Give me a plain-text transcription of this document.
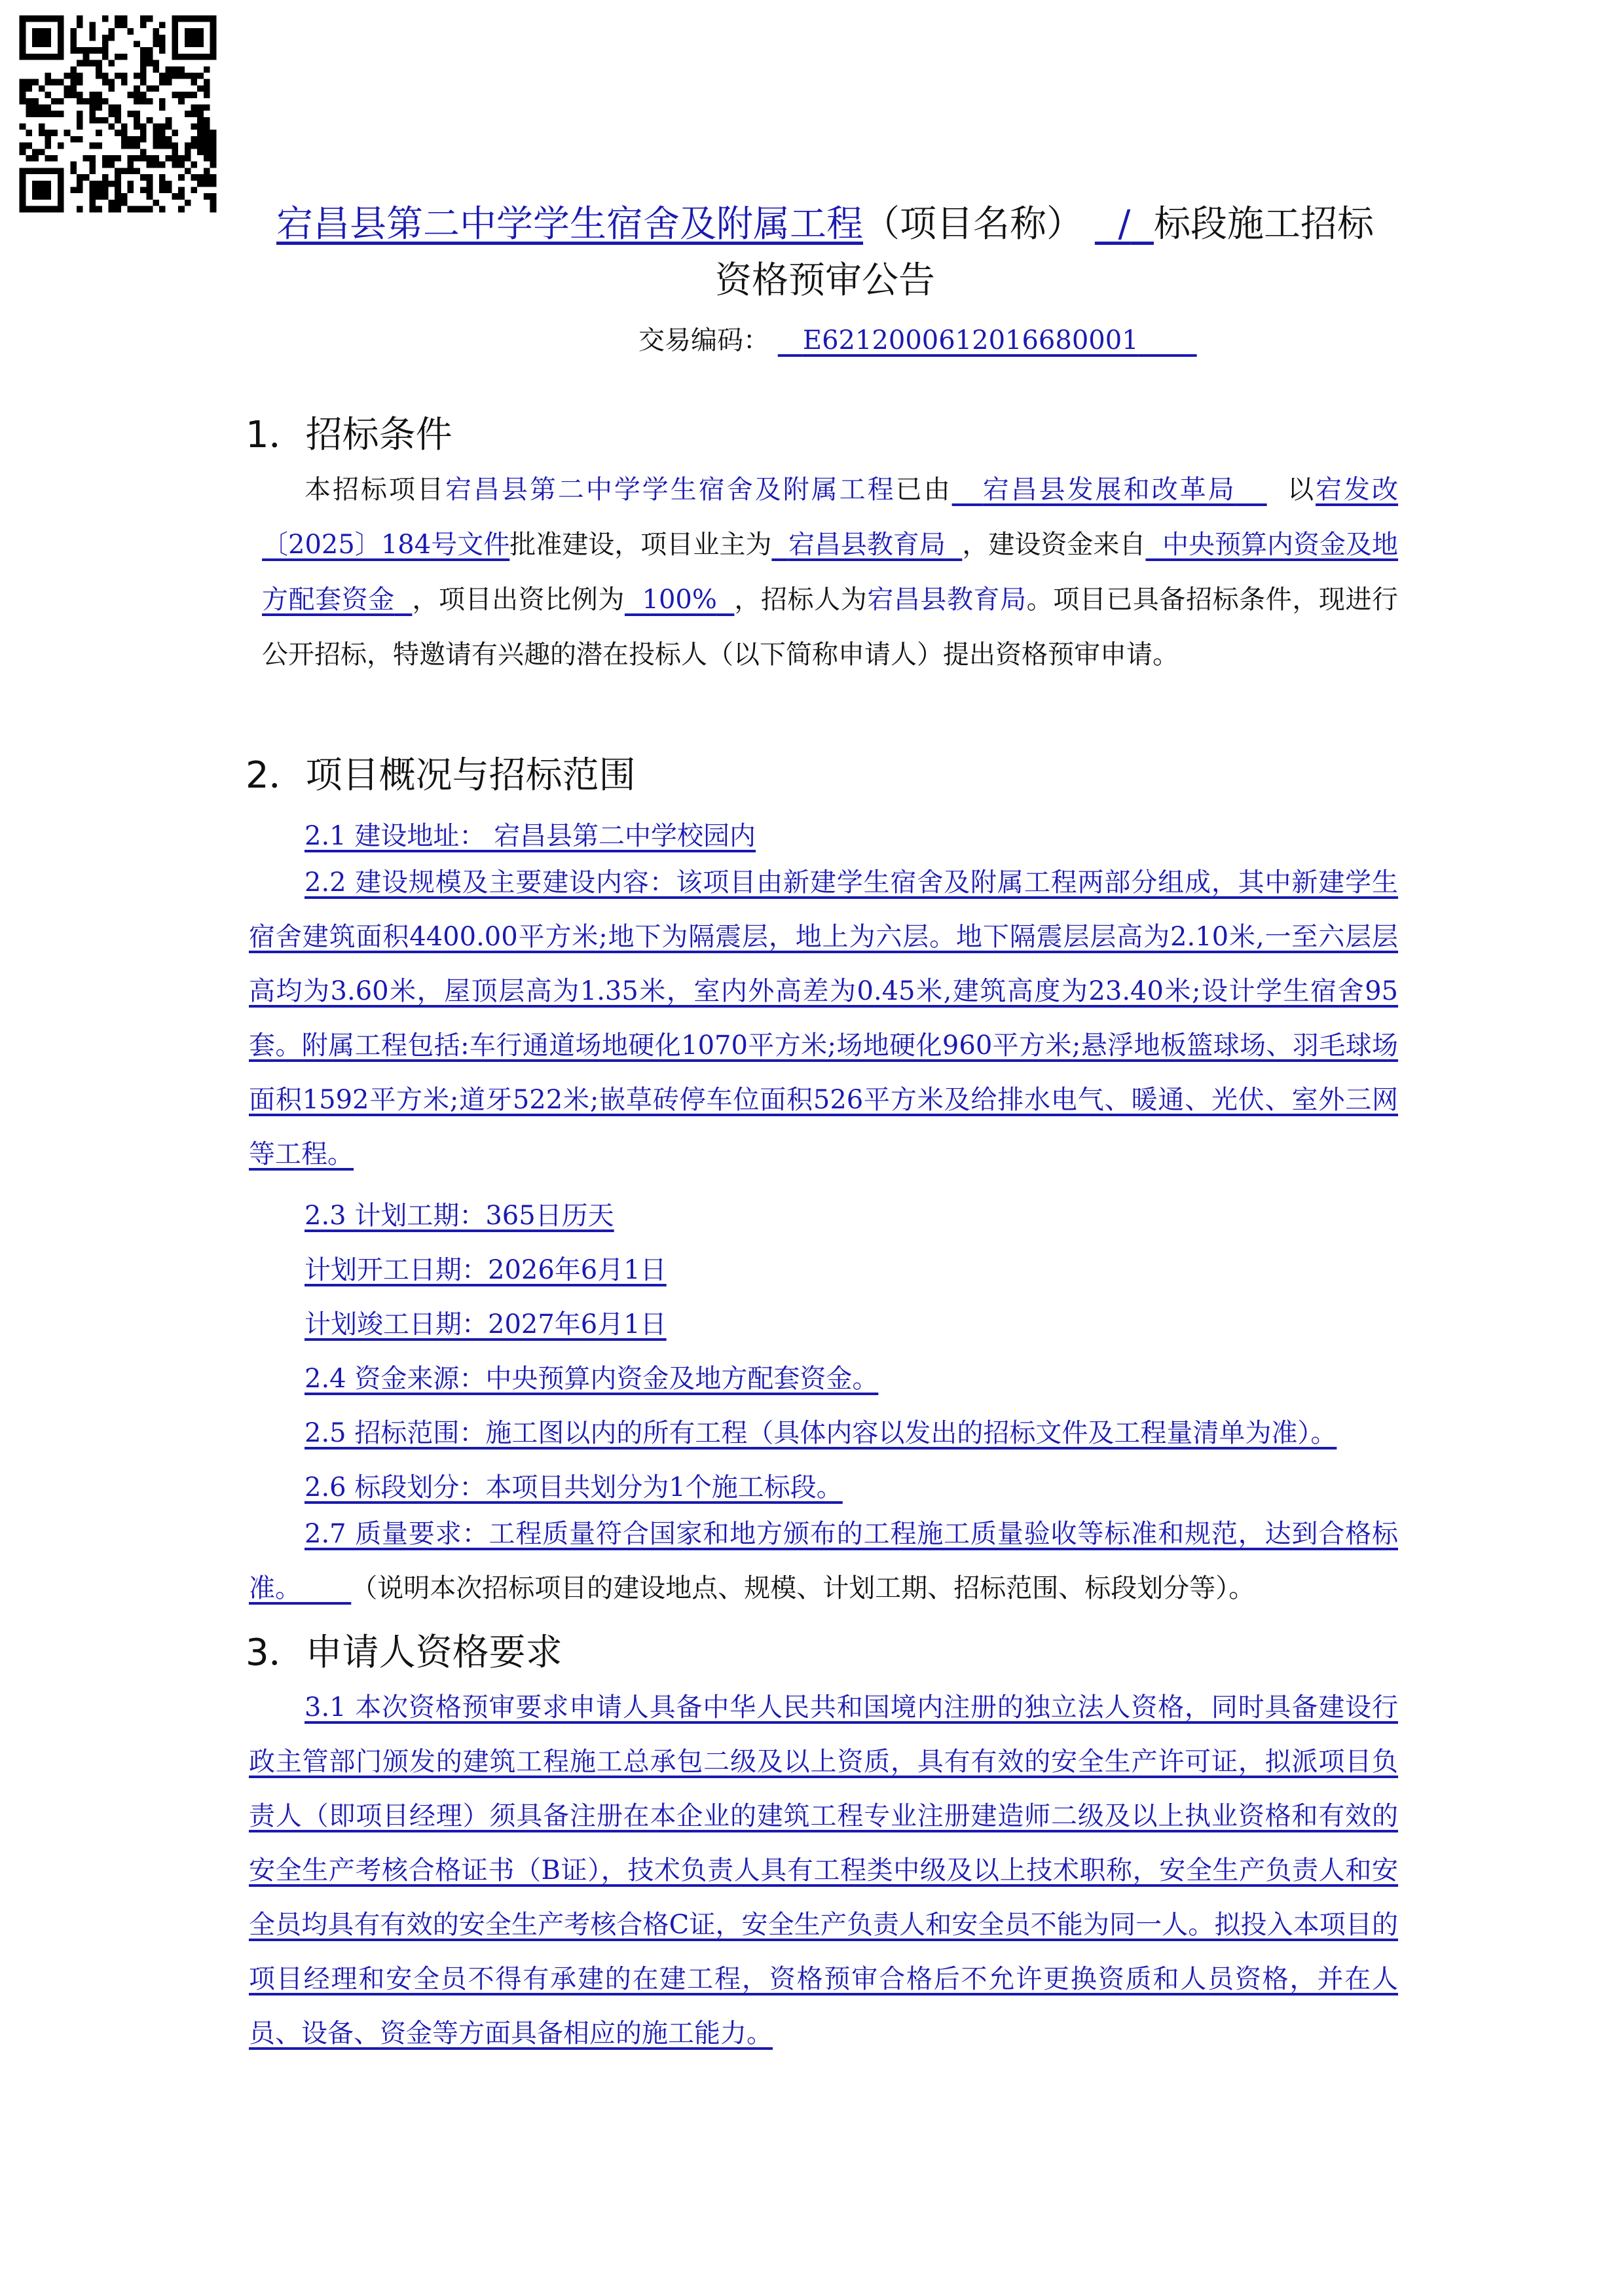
宕昌县第二中学学生宿舍及附属工程（项目名称） / 标段施工招标
资格预审公告
交易编码： E6212000612016680001
1．招标条件
本招标项目宕昌县第二中学学生宿舍及附属工程已由 宕昌县发展和改革局 以宕发改〔2025〕184号文件批准建设，项目业主为 宕昌县教育局 ，建设资金来自 中央预算内资金及地方配套资金 ，项目出资比例为 100% ，招标人为宕昌县教育局。项目已具备招标条件，现进行公开招标，特邀请有兴趣的潜在投标人（以下简称申请人）提出资格预审申请。
2．项目概况与招标范围
2.1 建设地址： 宕昌县第二中学校园内
2.2 建设规模及主要建设内容：该项目由新建学生宿舍及附属工程两部分组成，其中新建学生宿舍建筑面积4400.00平方米;地下为隔震层，地上为六层。地下隔震层层高为2.10米,一至六层层高均为3.60米，屋顶层高为1.35米，室内外高差为0.45米,建筑高度为23.40米;设计学生宿舍95套。附属工程包括:车行通道场地硬化1070平方米;场地硬化960平方米;悬浮地板篮球场、羽毛球场面积1592平方米;道牙522米;嵌草砖停车位面积526平方米及给排水电气、暖通、光伏、室外三网等工程。
2.3 计划工期：365日历天
计划开工日期：2026年6月1日
计划竣工日期：2027年6月1日
2.4 资金来源：中央预算内资金及地方配套资金。
2.5 招标范围：施工图以内的所有工程（具体内容以发出的招标文件及工程量清单为准）。
2.6 标段划分：本项目共划分为1个施工标段。
2.7 质量要求：工程质量符合国家和地方颁布的工程施工质量验收等标准和规范，达到合格标准。 （说明本次招标项目的建设地点、规模、计划工期、招标范围、标段划分等）。
3．申请人资格要求
3.1 本次资格预审要求申请人具备中华人民共和国境内注册的独立法人资格，同时具备建设行政主管部门颁发的建筑工程施工总承包二级及以上资质，具有有效的安全生产许可证，拟派项目负责人（即项目经理）须具备注册在本企业的建筑工程专业注册建造师二级及以上执业资格和有效的安全生产考核合格证书（B证），技术负责人具有工程类中级及以上技术职称，安全生产负责人和安全员均具有有效的安全生产考核合格C证，安全生产负责人和安全员不能为同一人。拟投入本项目的项目经理和安全员不得有承建的在建工程，资格预审合格后不允许更换资质和人员资格，并在人员、设备、资金等方面具备相应的施工能力。
